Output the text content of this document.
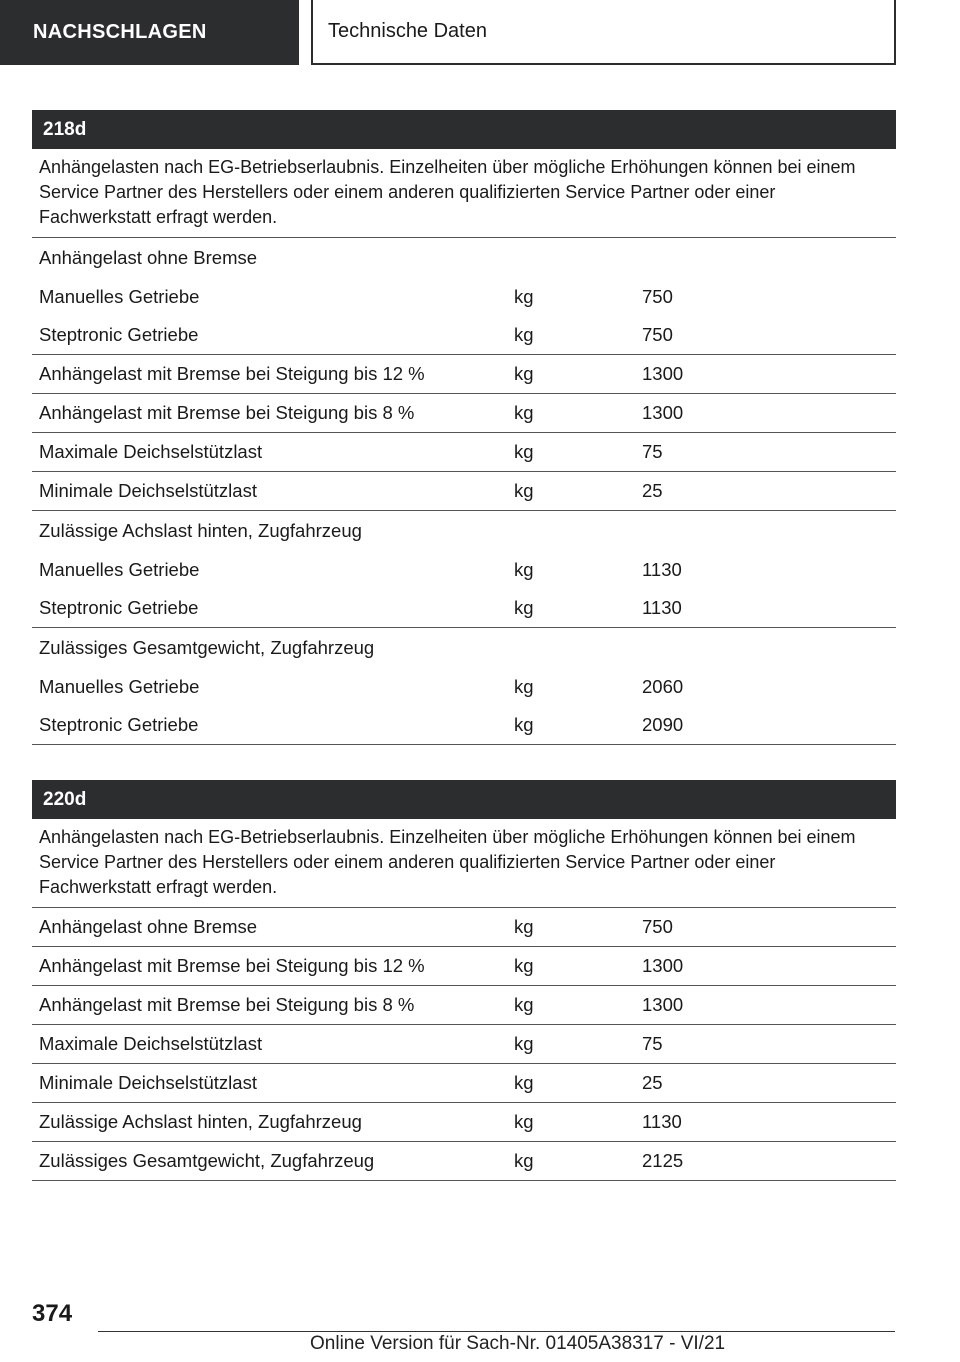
NACHSCHLAGEN	Technische Daten
218d
Anhängelasten nach EG-Betriebserlaubnis. Einzelheiten über mögliche Erhöhungen können bei einem Service Partner des Herstellers oder einem anderen qualifizierten Service Partner oder einer Fachwerkstatt erfragt werden.
Anhängelast ohne Bremse
Manuelles Getriebe	kg	750
Steptronic Getriebe	kg	750
Anhängelast mit Bremse bei Steigung bis 12 %	kg	1300
Anhängelast mit Bremse bei Steigung bis 8 %	kg	1300
Maximale Deichselstützlast	kg	75
Minimale Deichselstützlast	kg	25
Zulässige Achslast hinten, Zugfahrzeug
Manuelles Getriebe	kg	1130
Steptronic Getriebe	kg	1130
Zulässiges Gesamtgewicht, Zugfahrzeug
Manuelles Getriebe	kg	2060
Steptronic Getriebe	kg	2090
220d
Anhängelasten nach EG-Betriebserlaubnis. Einzelheiten über mögliche Erhöhungen können bei einem Service Partner des Herstellers oder einem anderen qualifizierten Service Partner oder einer Fachwerkstatt erfragt werden.
Anhängelast ohne Bremse	kg	750
Anhängelast mit Bremse bei Steigung bis 12 %	kg	1300
Anhängelast mit Bremse bei Steigung bis 8 %	kg	1300
Maximale Deichselstützlast	kg	75
Minimale Deichselstützlast	kg	25
Zulässige Achslast hinten, Zugfahrzeug	kg	1130
Zulässiges Gesamtgewicht, Zugfahrzeug	kg	2125
374
Online Version für Sach-Nr. 01405A38317 - VI/21
